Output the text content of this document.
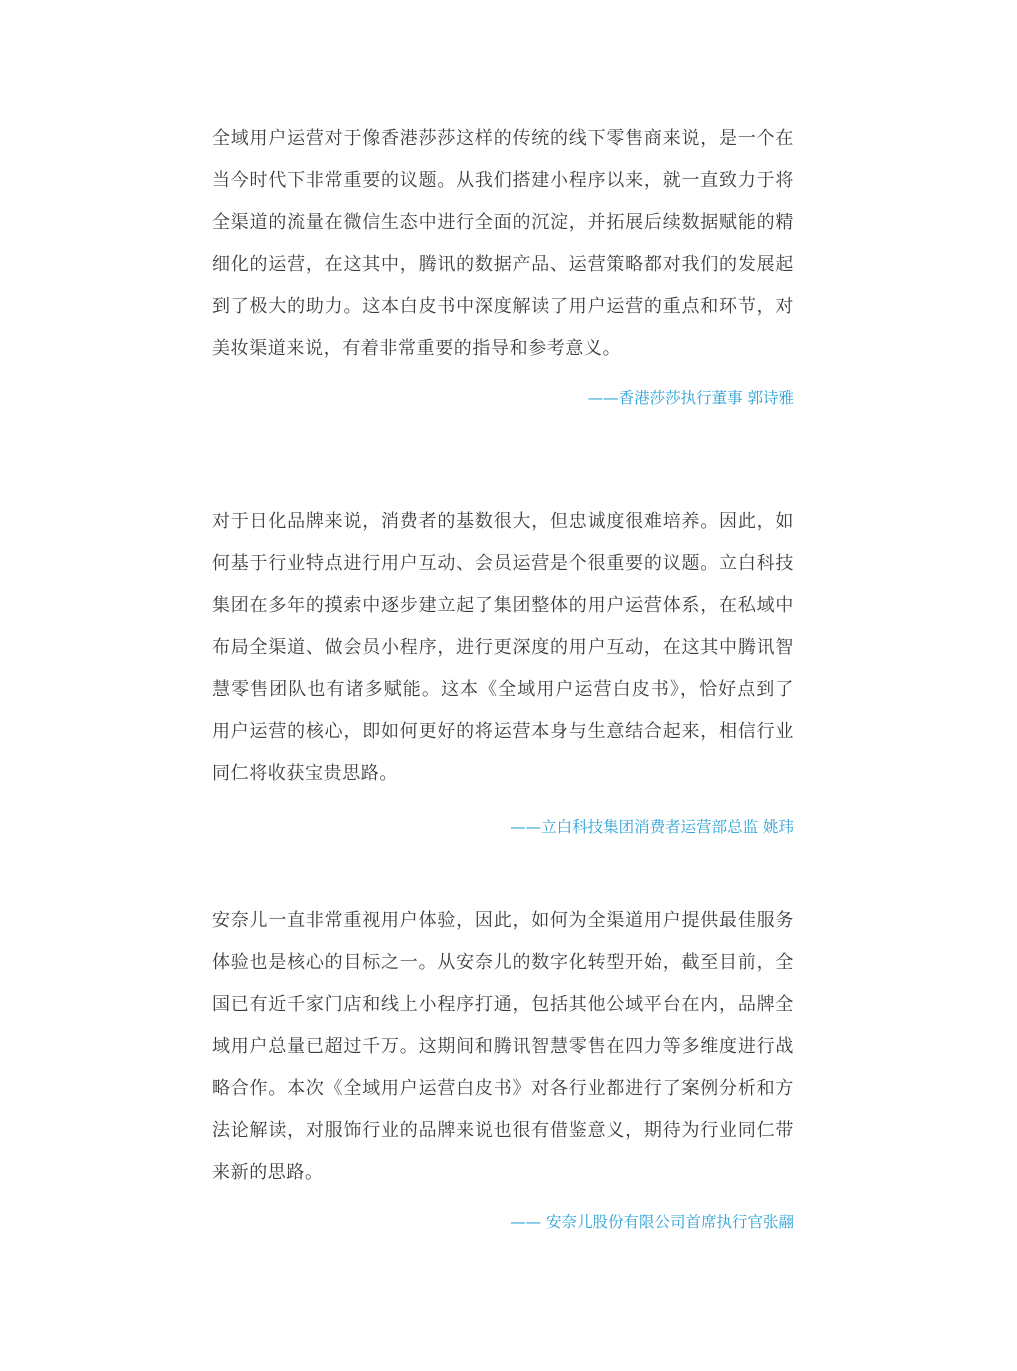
全域用户运营对于像香港莎莎这样的传统的线下零售商来说，是一个在当今时代下非常重要的议题。从我们搭建小程序以来，就一直致力于将全渠道的流量在微信生态中进行全面的沉淀，并拓展后续数据赋能的精细化的运营，在这其中，腾讯的数据产品、运营策略都对我们的发展起到了极大的助力。这本白皮书中深度解读了用户运营的重点和环节，对美妆渠道来说，有着非常重要的指导和参考意义。

——香港莎莎执行董事 郭诗雅

对于日化品牌来说，消费者的基数很大，但忠诚度很难培养。因此，如何基于行业特点进行用户互动、会员运营是个很重要的议题。立白科技集团在多年的摸索中逐步建立起了集团整体的用户运营体系，在私域中布局全渠道、做会员小程序，进行更深度的用户互动，在这其中腾讯智慧零售团队也有诸多赋能。这本《全域用户运营白皮书》，恰好点到了用户运营的核心，即如何更好的将运营本身与生意结合起来，相信行业同仁将收获宝贵思路。

——立白科技集团消费者运营部总监 姚玮

安奈儿一直非常重视用户体验，因此，如何为全渠道用户提供最佳服务体验也是核心的目标之一。从安奈儿的数字化转型开始，截至目前，全国已有近千家门店和线上小程序打通，包括其他公域平台在内，品牌全域用户总量已超过千万。这期间和腾讯智慧零售在四力等多维度进行战略合作。本次《全域用户运营白皮书》对各行业都进行了案例分析和方法论解读，对服饰行业的品牌来说也很有借鉴意义，期待为行业同仁带来新的思路。

—— 安奈儿股份有限公司首席执行官张翮
